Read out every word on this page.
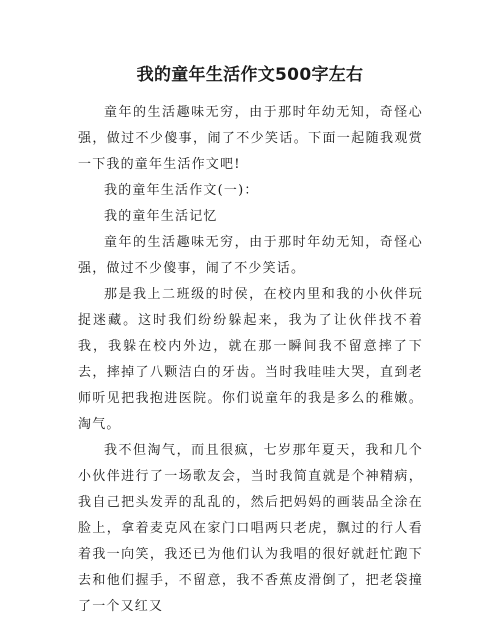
我的童年生活作文500字左右

童年的生活趣味无穷，由于那时年幼无知，奇怪心强，做过不少傻事，闹了不少笑话。下面一起随我观赏一下我的童年生活作文吧!

我的童年生活作文(一)：

我的童年生活记忆

童年的生活趣味无穷，由于那时年幼无知，奇怪心强，做过不少傻事，闹了不少笑话。

那是我上二班级的时侯，在校内里和我的小伙伴玩捉迷藏。这时我们纷纷躲起来，我为了让伙伴找不着我，我躲在校内外边，就在那一瞬间我不留意摔了下去，摔掉了八颗洁白的牙齿。当时我哇哇大哭，直到老师听见把我抱进医院。你们说童年的我是多么的稚嫩。淘气。

我不但淘气，而且很疯，七岁那年夏天，我和几个小伙伴进行了一场歌友会，当时我简直就是个神精病，我自己把头发弄的乱乱的，然后把妈妈的画装品全涂在脸上，拿着麦克风在家门口唱两只老虎，飘过的行人看着我一向笑，我还已为他们认为我唱的很好就赶忙跑下去和他们握手，不留意，我不香蕉皮滑倒了，把老袋撞了一个又红又
